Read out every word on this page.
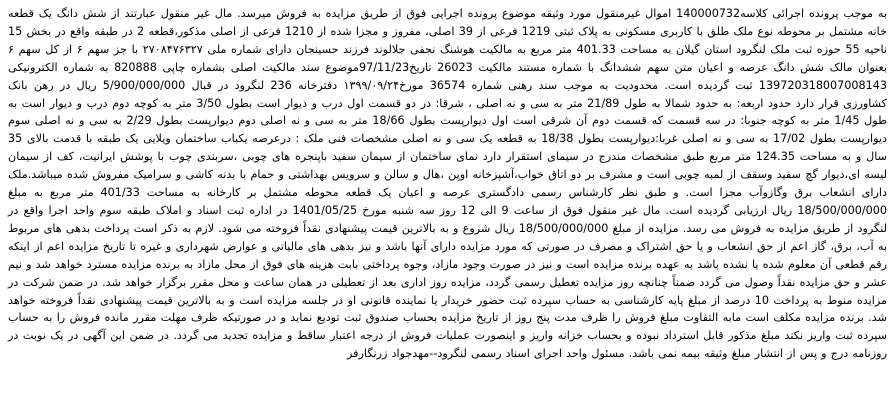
به موجب پرونده اجرائی کلاسه140000732 اموال غیرمنقول مورد وثیقه موضوع پرونده اجرایی فوق از طریق مزایده به فروش میرسد. مال غیر منقول عبارتند از شش دانگ یک قطعه خانه مشتمل بر محوطه نوع ملک طلق با کاربری مسکونی به پلاک ثبتی 1219 فرعی از 39 اصلی، مفروز و مجزا شده از 1210 فرعی از اصلی مذکور،قطعه 2 در طبقه واقع در بخش 15 ناحیه 55 حوزه ثبت ملک لنگرود استان گیلان به مساحت 401.33 متر مربع به مالکیت هوشنگ نجفی جلالوند فرزند حسینجان دارای شماره ملی ۲۷۰۸۴۷۶۳۲۷ با جز سهم ۶ از کل سهم ۶ بعنوان مالک شش دانگ عرصه و اعیان متن سهم ششدانگ با شماره مستند مالکیت 26023 تاریخ97/11/23موضوع سند مالکیت اصلی بشماره چاپی 820888 به شماره الکترونیکی 139720318007008143 ثبت گردیده است. محدودیت به موجب سند رهنی شماره 36574 مورخ۱۳۹۹/۰۹/۲۴ دفترخانه 236 لنگرود در قبال 5/900/000/000 ریال در رهن بانک کشاورزی قرار دارد حدود اربعه: به حدود شمالا به طول 21/89 متر به سی و نه اصلی ، شرقا: در دو قسمت اول درب و دیوار است بطول 3/50 متر به کوچه دوم درب و دیوار است به طول 1/45 متر به کوچه جنوبا: در سه قسمت که قسمت دوم آن شرقی است اول دیوارپست بطول 18/66 متر به سی و نه اصلی دوم دیوارپست بطول 2/29 به سی و نه اصلی سوم دیوارپست بطول 17/02 به سی و نه اصلی غربا:دیوارپست بطول 18/38 به قطعه یک سی و نه اصلی مشخصات فنی ملک : درعرصه یکباب ساختمان ویلایی یک طبقه با قدمت بالای 35 سال و به مساحت 124.35 متر مربع طبق مشخصات مندرج در سیمای استقرار دارد نمای ساختمان از سیمان سفید باپنجره های چوبی ،سربندی چوب با پوشش ایرانیت، کف از سیمان لیسه ای،دیوار گچ سفید وسقف از لمبه چوبی است و مشرف بر دو اتاق خواب،آشپزخانه اوپن ،هال و سالن و سرویس بهداشتی و حمام با بدنه کاشی و سرامیک مفروش شده میباشد.ملک دارای انشعاب برق وگازوآب مجزا است. و طبق نظر کارشناس رسمی دادگستری عرصه و اعیان یک قطعه محوطه مشتمل بر کارخانه به مساحت 401/33 متر مربع به مبلغ 18/500/000/000 ریال ارزیابی گردیده است. مال غیر منقول فوق از ساعت 9 الی 12 روز سه شنبه مورخ 1401/05/25 در اداره ثبت اسناد و املاک طبقه سوم واحد اجرا واقع در لنگرود از طریق مزایده به فروش می رسد. مزایده از مبلغ 18/500/000/000 ریال شروع و به بالاترین قیمت پیشنهادی نقداً فروخته می شود. لازم به ذکر است پرداخت بدهی های مربوط به آب، برق، گاز اعم از حق انشعاب و یا حق اشتراک و مصرف در صورتی که مورد مزایده دارای آنها باشد و نیز بدهی های مالیاتی و عوارض شهرداری و غیره تا تاریخ مزایده اعم از اینکه رقم قطعی آن معلوم شده یا نشده باشد به عهده برنده مزایده است و نیز در صورت وجود مازاد، وجوه پرداختی بابت هزینه های فوق از محل مازاد به برنده مزایده مسترد خواهد شد و نیم عشر و حق مزایده نقداً وصول می گردد ضمناً چنانچه روز مزایده تعطیل رسمی گردد، مزایده روز اداری بعد از تعطیلی در همان ساعت و محل مقرر برگزار خواهد شد. در ضمن شرکت در مزایده منوط به پرداخت 10 درصد از مبلغ پایه کارشناسی به حساب سپرده ثبت حضور خریدار یا نماینده قانونی او در جلسه مزایده است و به بالاترین قیمت پیشنهادی نقداً فروخته خواهد شد. برنده مزایده مکلف است مابه التفاوت مبلغ فروش را ظرف مدت پنج روز از تاریخ مزایده بحساب صندوق ثبت تودیع نماید و در صورتیکه ظرف مهلت مقرر مانده فروش را به حساب سپرده ثبت واریز نکند مبلغ مذکور قابل استرداد نبوده و بحساب خزانه واریز و اینصورت عملیات فروش از درجه اعتبار ساقط و مزایده تجدید می گردد. در ضمن این آگهی در یک نوبت در روزنامه درج و پس از انتشار مبلغ وثیقه بیمه نمی باشد. مسئول واحد اجرای اسناد رسمی لنگرود--مهدجواد زرنگارفر
